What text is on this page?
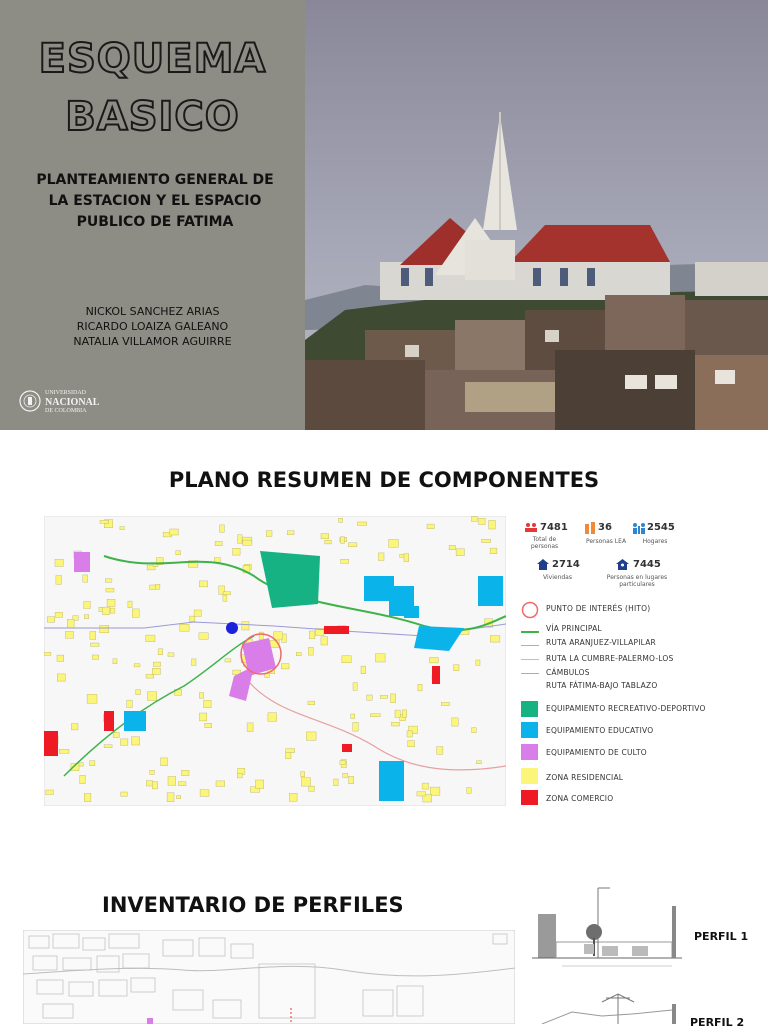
ESQUEMA
BASICO
PLANTEAMIENTO GENERAL DE
LA ESTACION Y EL ESPACIO
PUBLICO DE FATIMA
NICKOL SANCHEZ ARIAS
RICARDO LOAIZA GALEANO
NATALIA VILLAMOR AGUIRRE
UNIVERSIDAD
NACIONAL
DE COLOMBIA
PLANO RESUMEN DE COMPONENTES
7481
Total de personas
36
Personas LEA
2545
Hogares
2714
Viviendas
7445
Personas en lugares particulares
PUNTO DE INTERÉS (HITO)
VÍA PRINCIPAL
RUTA ARANJUEZ-VILLAPILAR
RUTA LA CUMBRE-PALERMO-LOS
CÁMBULOS
RUTA FÁTIMA-BAJO TABLAZO
EQUIPAMIENTO RECREATIVO-DEPORTIVO
EQUIPAMIENTO EDUCATIVO
EQUIPAMIENTO DE CULTO
ZONA RESIDENCIAL
ZONA COMERCIO
INVENTARIO DE PERFILES
PERFIL 1
PERFIL 2
